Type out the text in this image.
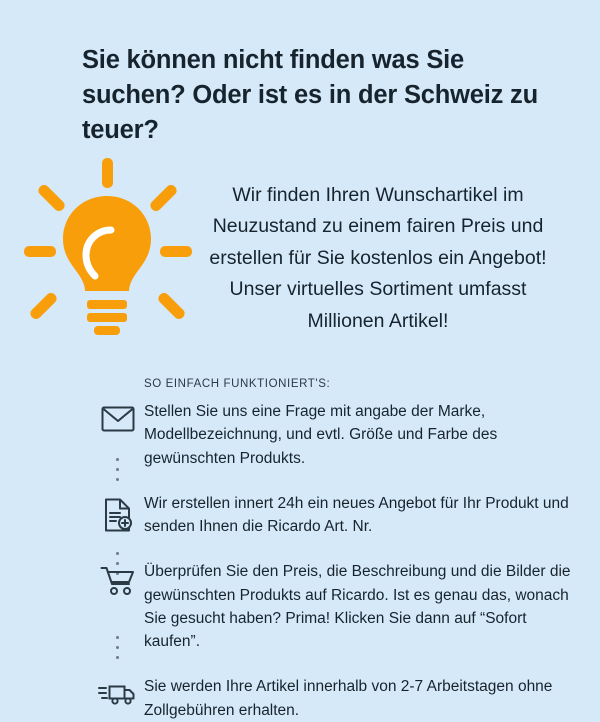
Sie können nicht finden was Sie suchen? Oder ist es in der Schweiz zu teuer?

Wir finden Ihren Wunschartikel im Neuzustand zu einem fairen Preis und erstellen für Sie kostenlos ein Angebot! Unser virtuelles Sortiment umfasst Millionen Artikel!

SO EINFACH FUNKTIONIERT'S:
Stellen Sie uns eine Frage mit angabe der Marke, Modellbezeichnung, und evtl. Größe und Farbe des gewünschten Produkts.
Wir erstellen innert 24h ein neues Angebot für Ihr Produkt und senden Ihnen die Ricardo Art. Nr.
Überprüfen Sie den Preis, die Beschreibung und die Bilder die gewünschten Produkts auf Ricardo. Ist es genau das, wonach Sie gesucht haben? Prima! Klicken Sie dann auf “Sofort kaufen”.
Sie werden Ihre Artikel innerhalb von 2-7 Arbeitstagen ohne Zollgebühren erhalten.
